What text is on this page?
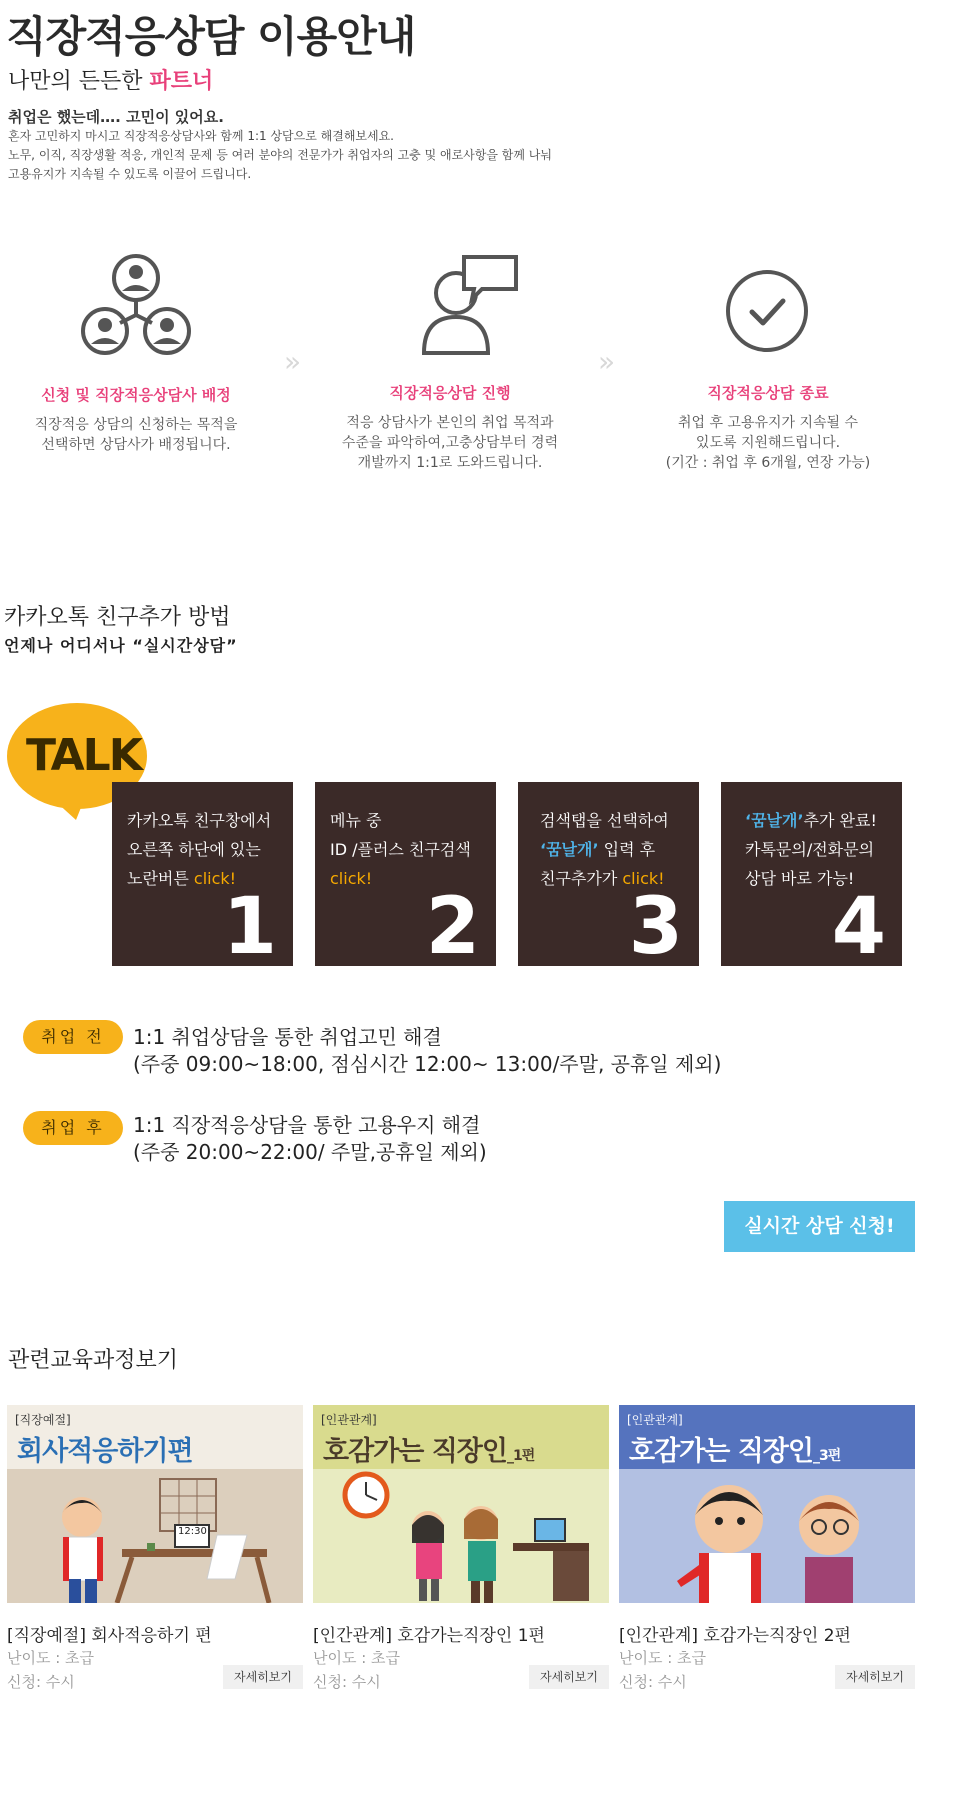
직장적응상담 이용안내
나만의 든든한 파트너
취업은 했는데…. 고민이 있어요.
혼자 고민하지 마시고 직장적응상담사와 함께 1:1 상담으로 해결해보세요.
노무, 이직, 직장생활 적응, 개인적 문제 등 여러 분야의 전문가가 취업자의 고충 및 애로사항을 함께 나눠
고용유지가 지속될 수 있도록 이끌어 드립니다.
»	»
신청 및 직장적응상담사 배정
직장적응 상담의 신청하는 목적을
선택하면 상담사가 배정됩니다.
직장적응상담 진행
적응 상담사가 본인의 취업 목적과
수준을 파악하여,고충상담부터 경력
개발까지 1:1로 도와드립니다.
직장적응상담 종료
취업 후 고용유지가 지속될 수
있도록 지원해드립니다.
(기간 : 취업 후 6개월, 연장 가능)
카카오톡 친구추가 방법
언제나 어디서나 “실시간상담”
TALK
카카오톡 친구창에서
오른쪽 하단에 있는
노란버튼 click!
1
메뉴 중
ID /플러스 친구검색
click!
2
검색탭을 선택하여
‘꿈날개’ 입력 후
친구추가가 click!
3
‘꿈날개’추가 완료!
카톡문의/전화문의
상담 바로 가능!
4
취업 전	1:1 취업상담을 통한 취업고민 해결
(주중 09:00~18:00, 점심시간 12:00~ 13:00/주말, 공휴일 제외)
취업 후	1:1 직장적응상담을 통한 고용우지 해결
(주중 20:00~22:00/ 주말,공휴일 제외)
실시간 상담 신청!
관련교육과정보기
[직장예절]
회사적응하기편
12:30
[직장예절] 회사적응하기 편
난이도 : 초급
신청: 수시	자세히보기
[인관관계]
호감가는 직장인_1편
[인간관계] 호감가는직장인 1편
난이도 : 초급
신청: 수시	자세히보기
[인관관계]
호감가는 직장인_3편
[인간관계] 호감가는직장인 2편
난이도 : 초급
신청: 수시	자세히보기
